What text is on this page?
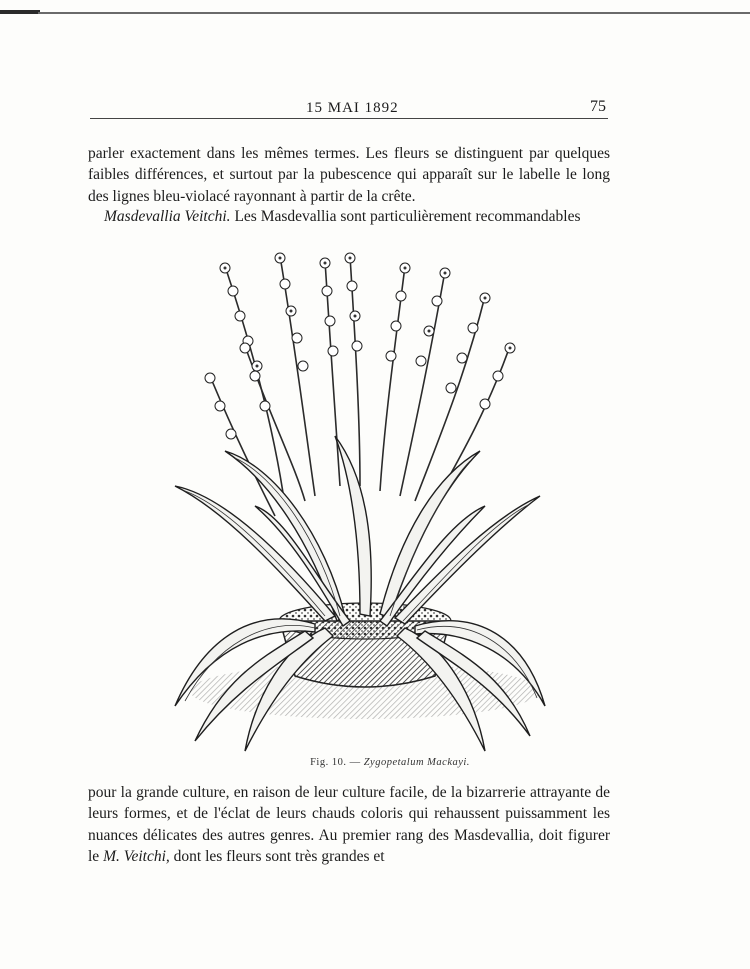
15 MAI 1892	75
parler exactement dans les mêmes termes. Les fleurs se distinguent par quelques faibles différences, et surtout par la pubescence qui apparaît sur le labelle le long des lignes bleu-violacé rayonnant à partir de la crête.
Masdevallia Veitchi. Les Masdevallia sont particulièrement recommandables
Fig. 10. — Zygopetalum Mackayi.
pour la grande culture, en raison de leur culture facile, de la bizarrerie attrayante de leurs formes, et de l'éclat de leurs chauds coloris qui rehaussent puissamment les nuances délicates des autres genres. Au premier rang des Masdevallia, doit figurer le M. Veitchi, dont les fleurs sont très grandes et
